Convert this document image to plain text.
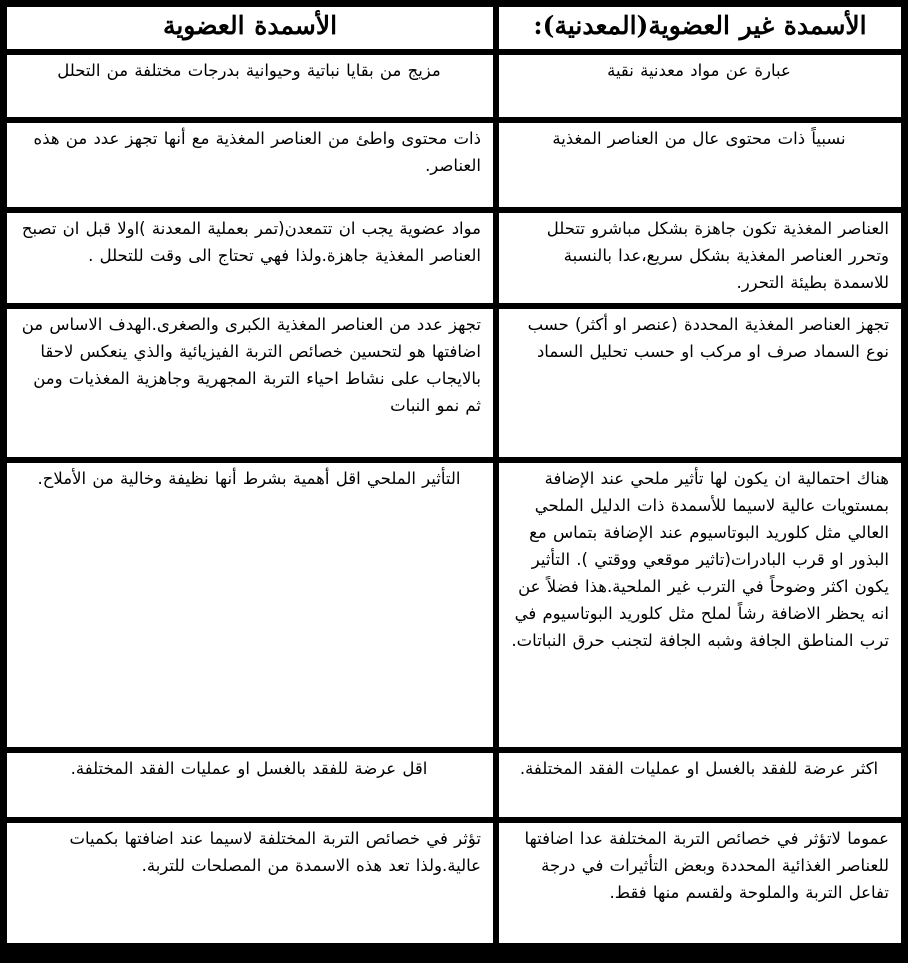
الأسمدة غير العضوية(المعدنية):	الأسمدة العضوية
عبارة عن مواد معدنية نقية	مزيج من بقايا نباتية وحيوانية بدرجات مختلفة من التحلل
نسبياً ذات محتوى عال من العناصر المغذية	ذات محتوى واطئ من العناصر المغذية مع أنها تجهز عدد من هذه العناصر.
العناصر المغذية تكون جاهزة بشكل مباشرو تتحلل وتحرر العناصر المغذية بشكل سريع،عدا بالنسبة للاسمدة بطيئة التحرر.	مواد عضوية يجب ان تتمعدن(تمر بعملية المعدنة )اولا قبل ان تصبح العناصر المغذية جاهزة.ولذا فهي تحتاج الى وقت للتحلل .
تجهز العناصر المغذية المحددة (عنصر او أكثر) حسب نوع السماد صرف او مركب او حسب تحليل السماد	تجهز عدد من العناصر المغذية الكبرى والصغرى.الهدف الاساس من اضافتها هو لتحسين خصائص التربة الفيزيائية والذي ينعكس لاحقا بالايجاب على نشاط احياء التربة المجهرية وجاهزية المغذيات ومن ثم نمو النبات
هناك احتمالية ان يكون لها تأثير ملحي عند الإضافة بمستويات عالية لاسيما للأسمدة ذات الدليل الملحي العالي مثل كلوريد البوتاسيوم عند الإضافة بتماس مع البذور او قرب البادرات(تاثير موقعي ووقتي ). التأثير يكون اكثر وضوحاً في الترب غير الملحية.هذا فضلاً عن انه يحظر الاضافة رشاً لملح مثل كلوريد البوتاسيوم في ترب المناطق الجافة وشبه الجافة لتجنب حرق النباتات.	التأثير الملحي اقل أهمية بشرط أنها نظيفة وخالية من الأملاح.
اكثر عرضة للفقد بالغسل او عمليات الفقد المختلفة.	اقل عرضة للفقد بالغسل او عمليات الفقد المختلفة.
عموما لاتؤثر في خصائص التربة المختلفة عدا اضافتها للعناصر الغذائية المحددة وبعض التأثيرات في درجة تفاعل التربة والملوحة ولقسم منها فقط.	تؤثر في خصائص التربة المختلفة لاسيما عند اضافتها بكميات عالية.ولذا تعد هذه الاسمدة من المصلحات للتربة.
